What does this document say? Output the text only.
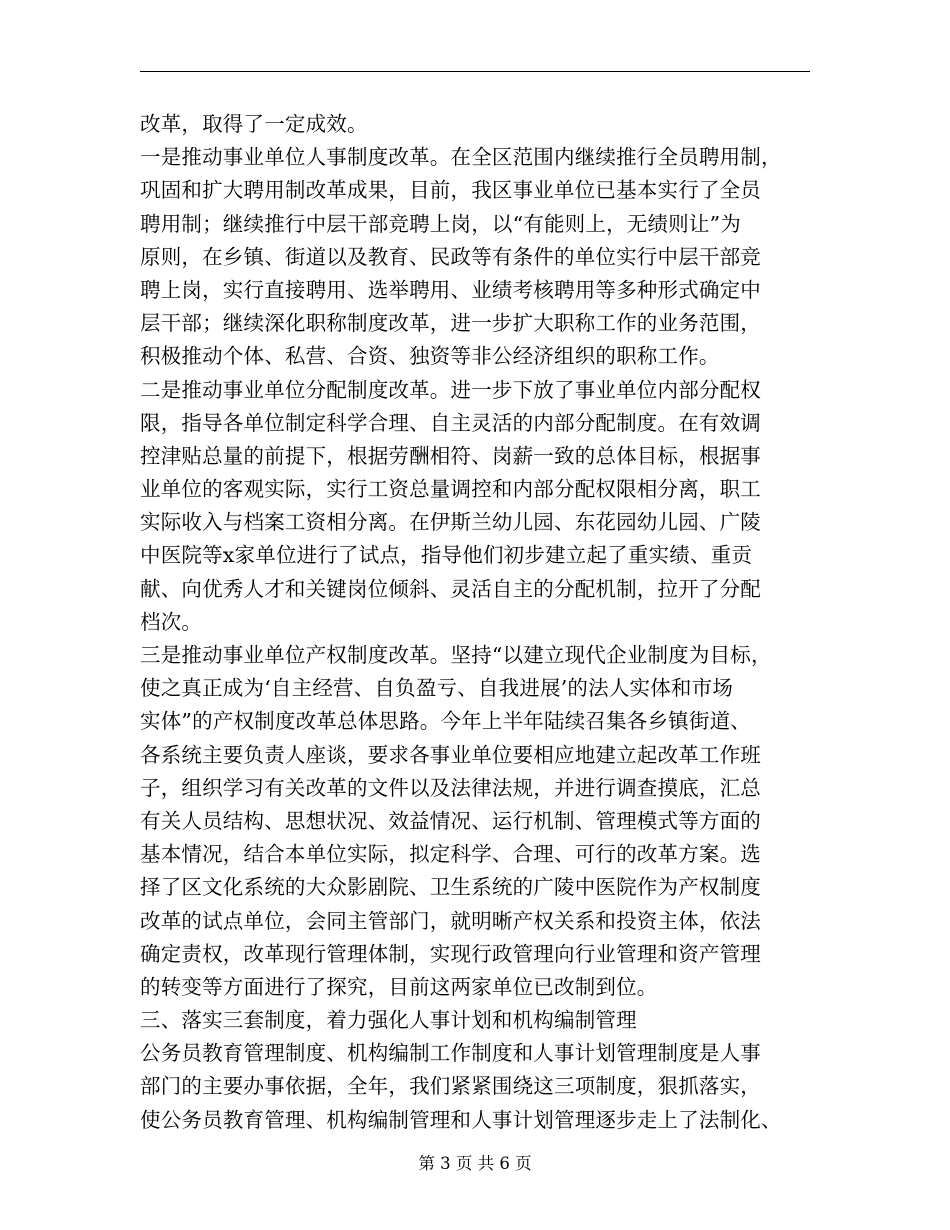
改革，取得了一定成效。
一是推动事业单位人事制度改革。在全区范围内继续推行全员聘用制，
巩固和扩大聘用制改革成果，目前，我区事业单位已基本实行了全员
聘用制；继续推行中层干部竞聘上岗，以“有能则上，无绩则让”为
原则，在乡镇、街道以及教育、民政等有条件的单位实行中层干部竞
聘上岗，实行直接聘用、选举聘用、业绩考核聘用等多种形式确定中
层干部；继续深化职称制度改革，进一步扩大职称工作的业务范围，
积极推动个体、私营、合资、独资等非公经济组织的职称工作。
二是推动事业单位分配制度改革。进一步下放了事业单位内部分配权
限，指导各单位制定科学合理、自主灵活的内部分配制度。在有效调
控津贴总量的前提下，根据劳酬相符、岗薪一致的总体目标，根据事
业单位的客观实际，实行工资总量调控和内部分配权限相分离，职工
实际收入与档案工资相分离。在伊斯兰幼儿园、东花园幼儿园、广陵
中医院等x家单位进行了试点，指导他们初步建立起了重实绩、重贡
献、向优秀人才和关键岗位倾斜、灵活自主的分配机制，拉开了分配
档次。
三是推动事业单位产权制度改革。坚持“以建立现代企业制度为目标，
使之真正成为‘自主经营、自负盈亏、自我进展’的法人实体和市场
实体”的产权制度改革总体思路。今年上半年陆续召集各乡镇街道、
各系统主要负责人座谈，要求各事业单位要相应地建立起改革工作班
子，组织学习有关改革的文件以及法律法规，并进行调查摸底，汇总
有关人员结构、思想状况、效益情况、运行机制、管理模式等方面的
基本情况，结合本单位实际，拟定科学、合理、可行的改革方案。选
择了区文化系统的大众影剧院、卫生系统的广陵中医院作为产权制度
改革的试点单位，会同主管部门，就明晰产权关系和投资主体，依法
确定责权，改革现行管理体制，实现行政管理向行业管理和资产管理
的转变等方面进行了探究，目前这两家单位已改制到位。
三、落实三套制度，着力强化人事计划和机构编制管理
公务员教育管理制度、机构编制工作制度和人事计划管理制度是人事
部门的主要办事依据，全年，我们紧紧围绕这三项制度，狠抓落实，
使公务员教育管理、机构编制管理和人事计划管理逐步走上了法制化、
第 3 页 共 6 页
